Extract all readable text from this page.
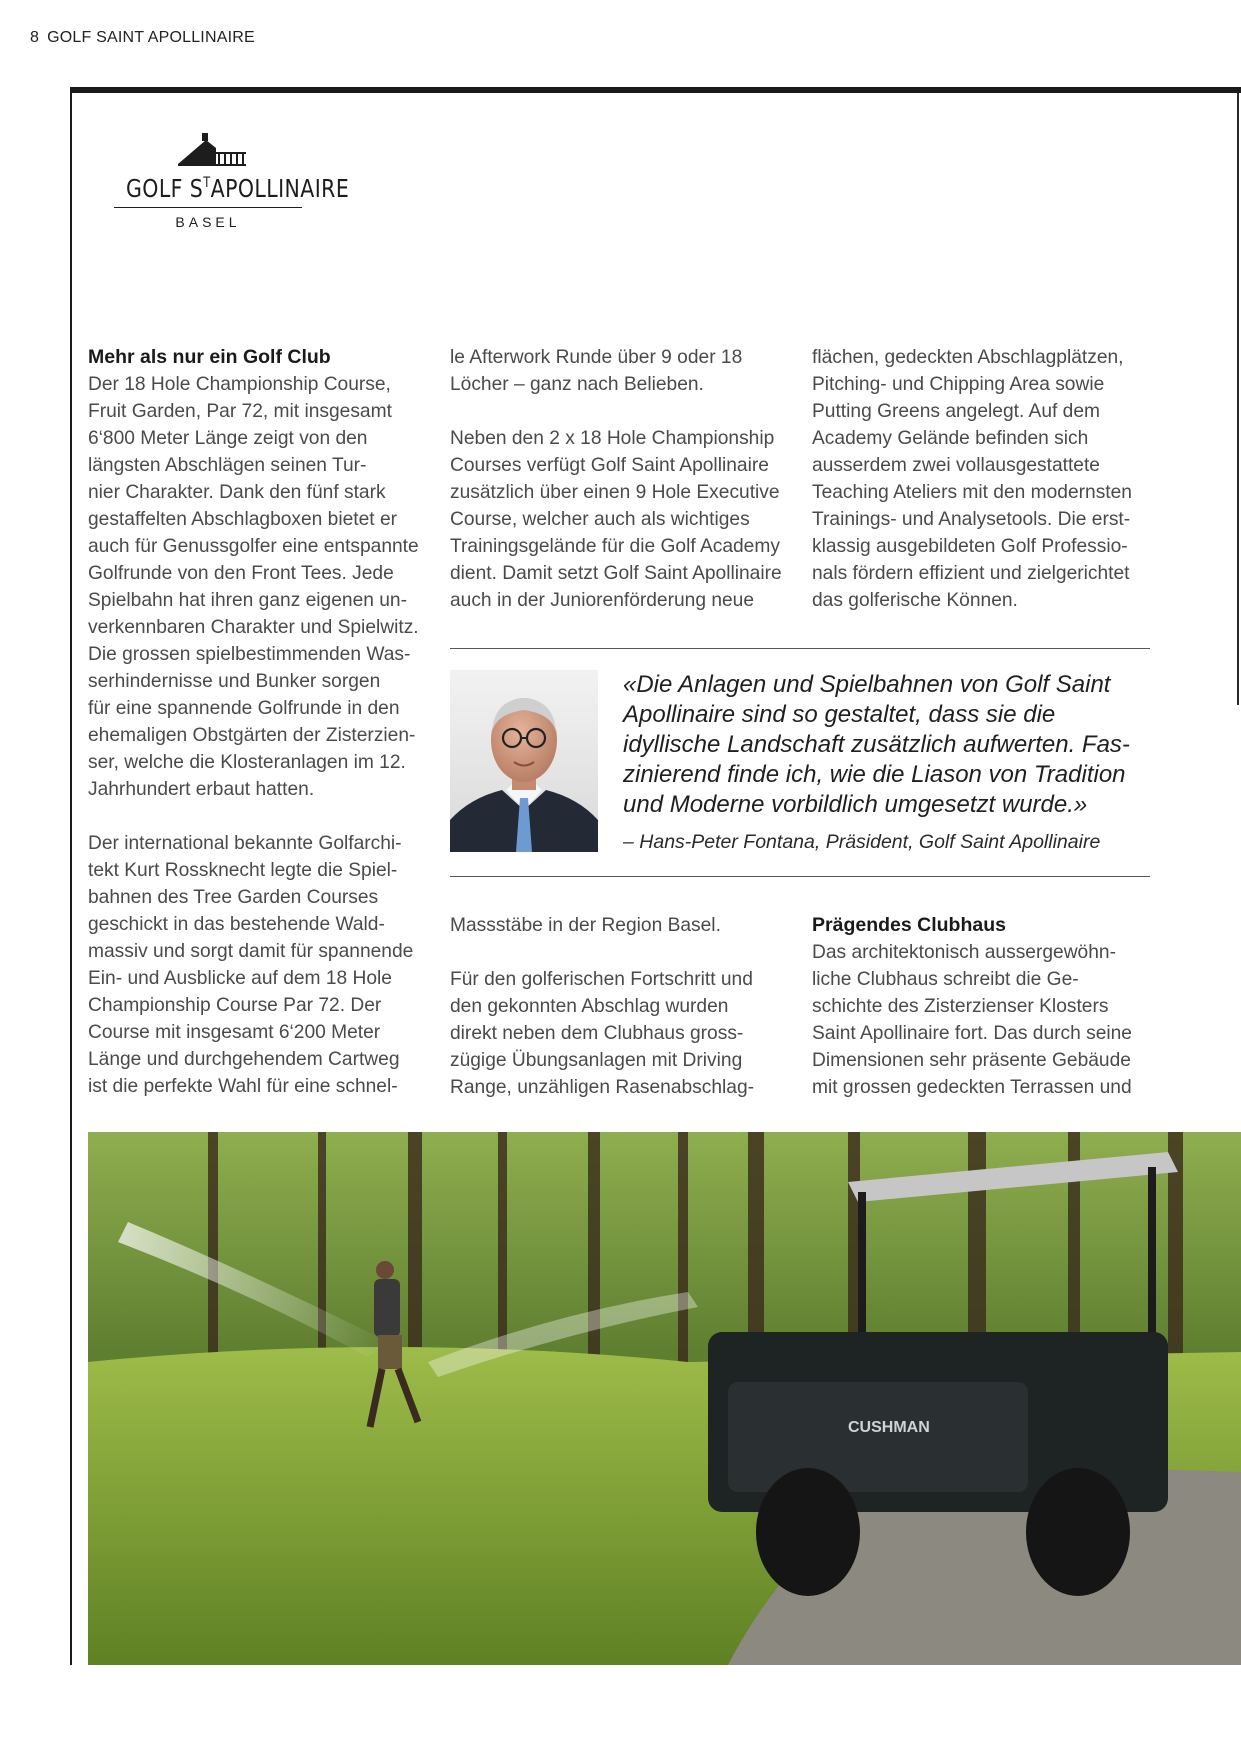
8 GOLF SAINT APOLLINAIRE
GOLF $S^TAPOLLINAIRE$
BASEL
Mehr als nur ein Golf Club

Der 18 Hole Championship Course,

Fruit Garden, Par 72, mit insgesamt

6‘800 Meter Länge zeigt von den

längsten Abschlägen seinen Tur-

nier Charakter. Dank den fünf stark

gestaffelten Abschlagboxen bietet er

auch für Genussgolfer eine entspannte

Golfrunde von den Front Tees. Jede

Spielbahn hat ihren ganz eigenen un-

verkennbaren Charakter und Spielwitz.

Die grossen spielbestimmenden Was-

serhindernisse und Bunker sorgen

für eine spannende Golfrunde in den

ehemaligen Obstgärten der Zisterzien-

ser, welche die Klosteranlagen im 12.

Jahrhundert erbaut hatten.

Der international bekannte Golfarchi-

tekt Kurt Rossknecht legte die Spiel-

bahnen des Tree Garden Courses

geschickt in das bestehende Wald-

massiv und sorgt damit für spannende

Ein- und Ausblicke auf dem 18 Hole

Championship Course Par 72. Der

Course mit insgesamt 6‘200 Meter

Länge und durchgehendem Cartweg

ist die perfekte Wahl für eine schnel-

le Afterwork Runde über 9 oder 18

Löcher – ganz nach Belieben.

Neben den 2 x 18 Hole Championship

Courses verfügt Golf Saint Apollinaire

zusätzlich über einen 9 Hole Executive

Course, welcher auch als wichtiges

Trainingsgelände für die Golf Academy

dient. Damit setzt Golf Saint Apollinaire

auch in der Juniorenförderung neue

flächen, gedeckten Abschlagplätzen,

Pitching- und Chipping Area sowie

Putting Greens angelegt. Auf dem

Academy Gelände befinden sich

ausserdem zwei vollausgestattete

Teaching Ateliers mit den modernsten

Trainings- und Analysetools. Die erst-

klassig ausgebildeten Golf Professio-

nals fördern effizient und zielgerichtet

das golferische Können.

«Die Anlagen und Spielbahnen von Golf Saint

Apollinaire sind so gestaltet, dass sie die

idyllische Landschaft zusätzlich aufwerten. Fas-

zinierend finde ich, wie die Liason von Tradition

und Moderne vorbildlich umgesetzt wurde.»

– Hans-Peter Fontana, Präsident, Golf Saint Apollinaire

Massstäbe in der Region Basel.

Für den golferischen Fortschritt und

den gekonnten Abschlag wurden

direkt neben dem Clubhaus gross-

zügige Übungsanlagen mit Driving

Range, unzähligen Rasenabschlag-

Prägendes Clubhaus

Das architektonisch aussergewöhn-

liche Clubhaus schreibt die Ge-

schichte des Zisterzienser Klosters

Saint Apollinaire fort. Das durch seine

Dimensionen sehr präsente Gebäude

mit grossen gedeckten Terrassen und

CUSHMAN
